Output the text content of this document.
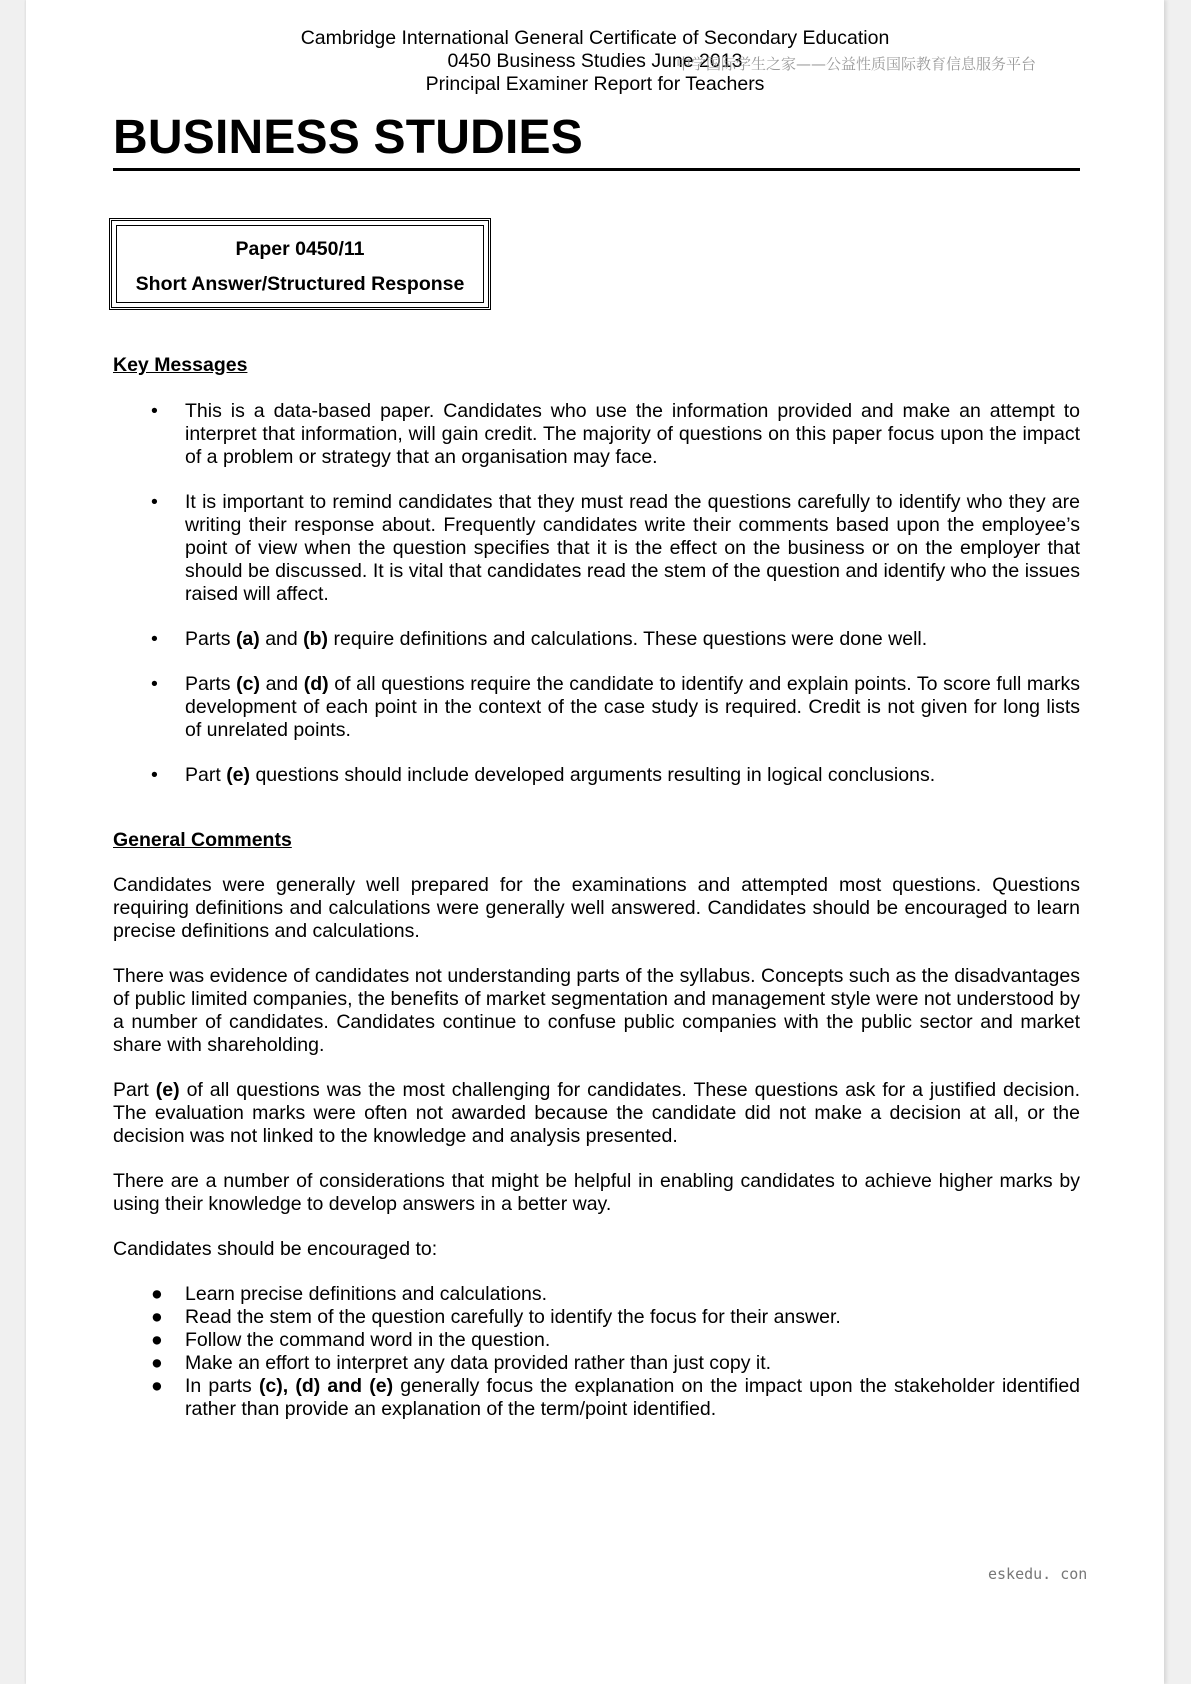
Cambridge International General Certificate of Secondary Education
0450 Business Studies June 2013
Principal Examiner Report for Teachers
中学国际学生之家——公益性质国际教育信息服务平台
BUSINESS STUDIES
Paper 0450/11
Short Answer/Structured Response

Key Messages

• This is a data-based paper. Candidates who use the information provided and make an attempt to interpret that information, will gain credit. The majority of questions on this paper focus upon the impact of a problem or strategy that an organisation may face.
• It is important to remind candidates that they must read the questions carefully to identify who they are writing their response about. Frequently candidates write their comments based upon the employee’s point of view when the question specifies that it is the effect on the business or on the employer that should be discussed. It is vital that candidates read the stem of the question and identify who the issues raised will affect.
• Parts (a) and (b) require definitions and calculations. These questions were done well.
• Parts (c) and (d) of all questions require the candidate to identify and explain points. To score full marks development of each point in the context of the case study is required. Credit is not given for long lists of unrelated points.
• Part (e) questions should include developed arguments resulting in logical conclusions.

General Comments

Candidates were generally well prepared for the examinations and attempted most questions. Questions requiring definitions and calculations were generally well answered. Candidates should be encouraged to learn precise definitions and calculations.

There was evidence of candidates not understanding parts of the syllabus. Concepts such as the disadvantages of public limited companies, the benefits of market segmentation and management style were not understood by a number of candidates. Candidates continue to confuse public companies with the public sector and market share with shareholding.

Part (e) of all questions was the most challenging for candidates. These questions ask for a justified decision. The evaluation marks were often not awarded because the candidate did not make a decision at all, or the decision was not linked to the knowledge and analysis presented.

There are a number of considerations that might be helpful in enabling candidates to achieve higher marks by using their knowledge to develop answers in a better way.

Candidates should be encouraged to:

● Learn precise definitions and calculations.
● Read the stem of the question carefully to identify the focus for their answer.
● Follow the command word in the question.
● Make an effort to interpret any data provided rather than just copy it.
● In parts (c), (d) and (e) generally focus the explanation on the impact upon the stakeholder identified rather than provide an explanation of the term/point identified.
eskedu. con
